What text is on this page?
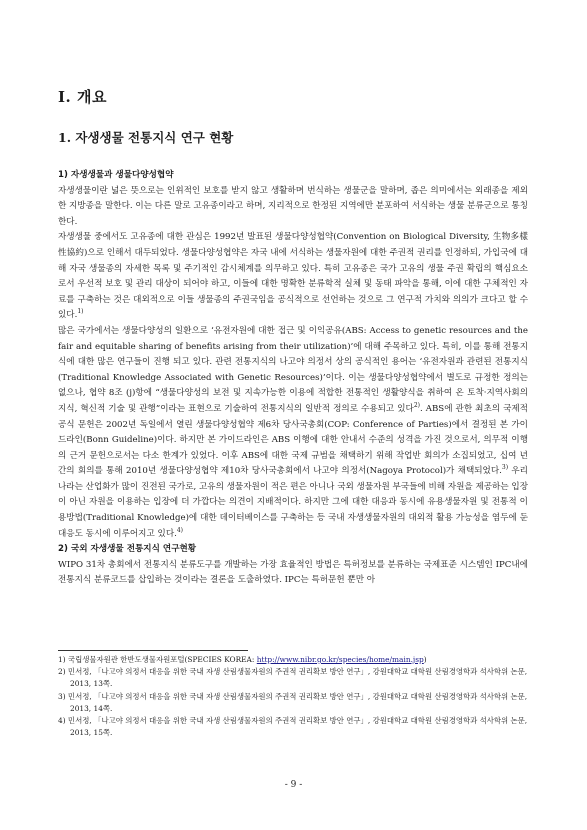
I. 개요
1. 자생생물 전통지식 연구 현황

1) 자생생물과 생물다양성협약

자생생물이란 넓은 뜻으로는 인위적인 보호를 받지 않고 생활하며 번식하는 생물군을 말하며, 좁은 의미에서는 외래종을 제외한 지방종을 말한다. 이는 다른 말로 고유종이라고 하며, 지리적으로 한정된 지역에만 분포하여 서식하는 생물 분류군으로 통칭한다.

자생생물 중에서도 고유종에 대한 관심은 1992년 발표된 생물다양성협약(Convention on Biological Diversity, 生物多樣性協約)으로 인해서 대두되었다. 생물다양성협약은 자국 내에 서식하는 생물자원에 대한 주권적 권리를 인정하되, 가입국에 대해 자국 생물종의 자세한 목록 및 주기적인 감시체계를 의무하고 있다. 특히 고유종은 국가 고유의 생물 주권 확립의 핵심요소로서 우선적 보호 및 관리 대상이 되어야 하고, 이들에 대한 명확한 분류학적 실체 및 동태 파악을 통해, 이에 대한 구체적인 자료를 구축하는 것은 대외적으로 이들 생물종의 주권국임을 공식적으로 선언하는 것으로 그 연구적 가치와 의의가 크다고 할 수 있다.$^{1)}$

많은 국가에서는 생물다양성의 일환으로 ‘유전자원에 대한 접근 및 이익공유(ABS: Access to genetic resources and the fair and equitable sharing of benefits arising from their utilization)’에 대해 주목하고 있다. 특히, 이를 통해 전통지식에 대한 많은 연구들이 진행 되고 있다. 관련 전통지식의 나고야 의정서 상의 공식적인 용어는 ‘유전자원과 관련된 전통지식(Traditional Knowledge Associated with Genetic Resources)’이다. 이는 생물다양성협약에서 별도로 규정한 정의는 없으나, 협약 8조 (j)항에 “생물다양성의 보전 및 지속가능한 이용에 적합한 전통적인 생활양식을 취하여 온 토착·지역사회의 지식, 혁신적 기술 및 관행”이라는 표현으로 기술하여 전통지식의 일반적 정의로 수용되고 있다$^{2)}$. ABS에 관한 최초의 국제적 공식 문헌은 2002년 독일에서 열린 생물다양성협약 제6차 당사국총회(COP: Conference of Parties)에서 결정된 본 가이드라인(Bonn Guideline)이다. 하지만 본 가이드라인은 ABS 이행에 대한 안내서 수준의 성격을 가진 것으로서, 의무적 이행의 근거 문헌으로서는 다소 한계가 있었다. 이후 ABS에 대한 국제 규범을 채택하기 위해 작업반 회의가 소집되었고, 십여 년 간의 회의를 통해 2010년 생물다양성협약 제10차 당사국총회에서 나고야 의정서(Nagoya Protocol)가 채택되었다.$^{3)}$ 우리나라는 산업화가 많이 진전된 국가로, 고유의 생물자원이 적은 편은 아니나 국외 생물자원 부국들에 비해 자원을 제공하는 입장이 아닌 자원을 이용하는 입장에 더 가깝다는 의견이 지배적이다. 하지만 그에 대한 대응과 동시에 유용생물자원 및 전통적 이용방법(Traditional Knowledge)에 대한 데이터베이스를 구축하는 등 국내 자생생물자원의 대외적 활용 가능성을 염두에 둔 대응도 동시에 이루어지고 있다.$^{4)}$

2) 국외 자생생물 전통지식 연구현황

WIPO 31차 총회에서 전통지식 분류도구를 개발하는 가장 효율적인 방법은 특허정보를 분류하는 국제표준 시스템인 IPC내에 전통지식 분류코드를 삽입하는 것이라는 결론을 도출하였다. IPC는 특허문헌 뿐만 아

1) 국립생물자원관 한반도생물자원포털(SPECIES KOREA: http://www.nibr.go.kr/species/home/main.jsp)

2) 민서정, 「나고야 의정서 대응을 위한 국내 자생 산림생물자원의 주권적 권리확보 방안 연구」, 강원대학교 대학원 산림경영학과 석사학위 논문, 2013, 13쪽.

3) 민서정, 「나고야 의정서 대응을 위한 국내 자생 산림생물자원의 주권적 권리확보 방안 연구」, 강원대학교 대학원 산림경영학과 석사학위 논문, 2013, 14쪽.

4) 민서정, 「나고야 의정서 대응을 위한 국내 자생 산림생물자원의 주권적 권리확보 방안 연구」, 강원대학교 대학원 산림경영학과 석사학위 논문, 2013, 15쪽.

- 9 -
